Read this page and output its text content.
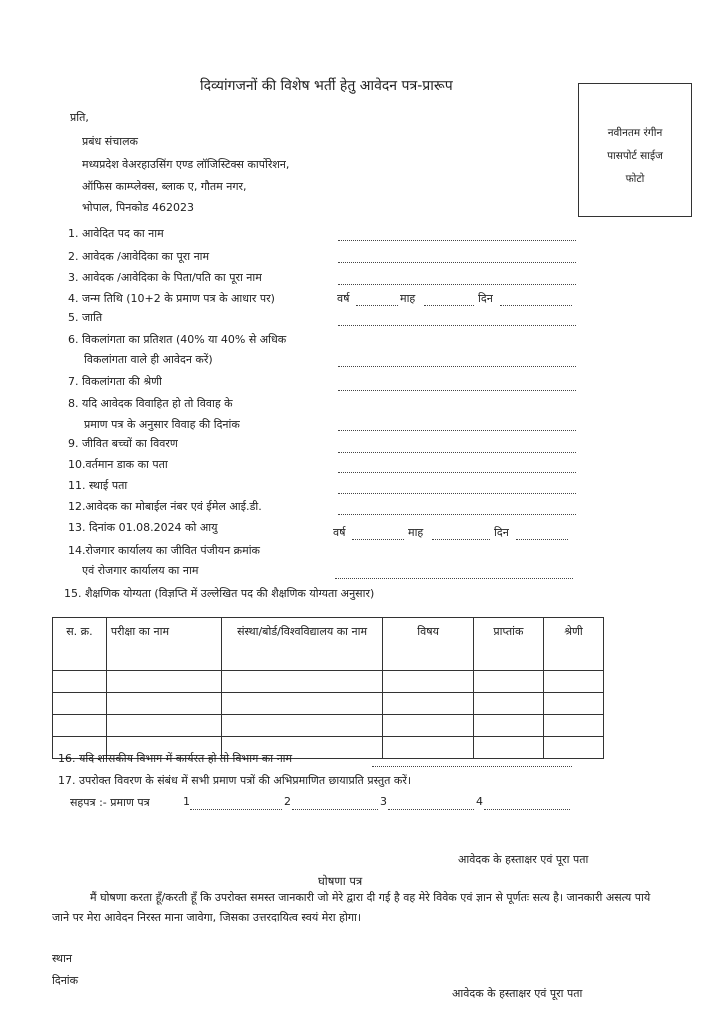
दिव्यांगजनों की विशेष भर्ती हेतु आवेदन पत्र-प्रारूप
नवीनतम रंगीन
पासपोर्ट साईज
फोटो
प्रति,
प्रबंध संचालक
मध्यप्रदेश वेअरहाउसिंग एण्ड लॉजिस्टिक्स कार्पोरेशन,
ऑफिस काम्प्लेक्स, ब्लाक ए, गौतम नगर,
भोपाल, पिनकोड 462023
1. आवेदित पद का नाम
2. आवेदक /आवेदिका का पूरा नाम
3. आवेदक /आवेदिका के पिता/पति का पूरा नाम
4. जन्म तिथि (10+2 के प्रमाण पत्र के आधार पर)	वर्ष	माह	दिन
5. जाति
6. विकलांगता का प्रतिशत (40% या 40% से अधिक
विकलांगता वाले ही आवेदन करें)
7. विकलांगता की श्रेणी
8. यदि आवेदक विवाहित हो तो विवाह के
प्रमाण पत्र के अनुसार विवाह की दिनांक
9. जीवित बच्चों का विवरण
10.वर्तमान डाक का पता
11. स्थाई पता
12.आवेदक का मोबाईल नंबर एवं ईमेल आई.डी.
13. दिनांक 01.08.2024 को आयु	वर्ष	माह	दिन
14.रोजगार कार्यालय का जीवित पंजीयन क्रमांक
एवं रोजगार कार्यालय का नाम
15. शैक्षणिक योग्यता (विज्ञप्ति में उल्लेखित पद की शैक्षणिक योग्यता अनुसार)
स. क्र.	परीक्षा का नाम	संस्था/बोर्ड/विश्वविद्यालय का नाम	विषय	प्राप्तांक	श्रेणी

16. यदि शासकीय विभाग में कार्यरत हो तो विभाग का नाम
17. उपरोक्त विवरण के संबंध में सभी प्रमाण पत्रों की अभिप्रमाणित छायाप्रति प्रस्तुत करें।
सहपत्र :- प्रमाण पत्र	1	2	3	4
आवेदक के हस्ताक्षर एवं पूरा पता
घोषणा पत्र
मैं घोषणा करता हूँ/करती हूँ कि उपरोक्त समस्त जानकारी जो मेरे द्वारा दी गई है वह मेरे विवेक एवं ज्ञान से पूर्णतः सत्य है। जानकारी असत्य पाये जाने पर मेरा आवेदन निरस्त माना जावेगा, जिसका उत्तरदायित्व स्वयं मेरा होगा।
स्थान
दिनांक
आवेदक के हस्ताक्षर एवं पूरा पता
